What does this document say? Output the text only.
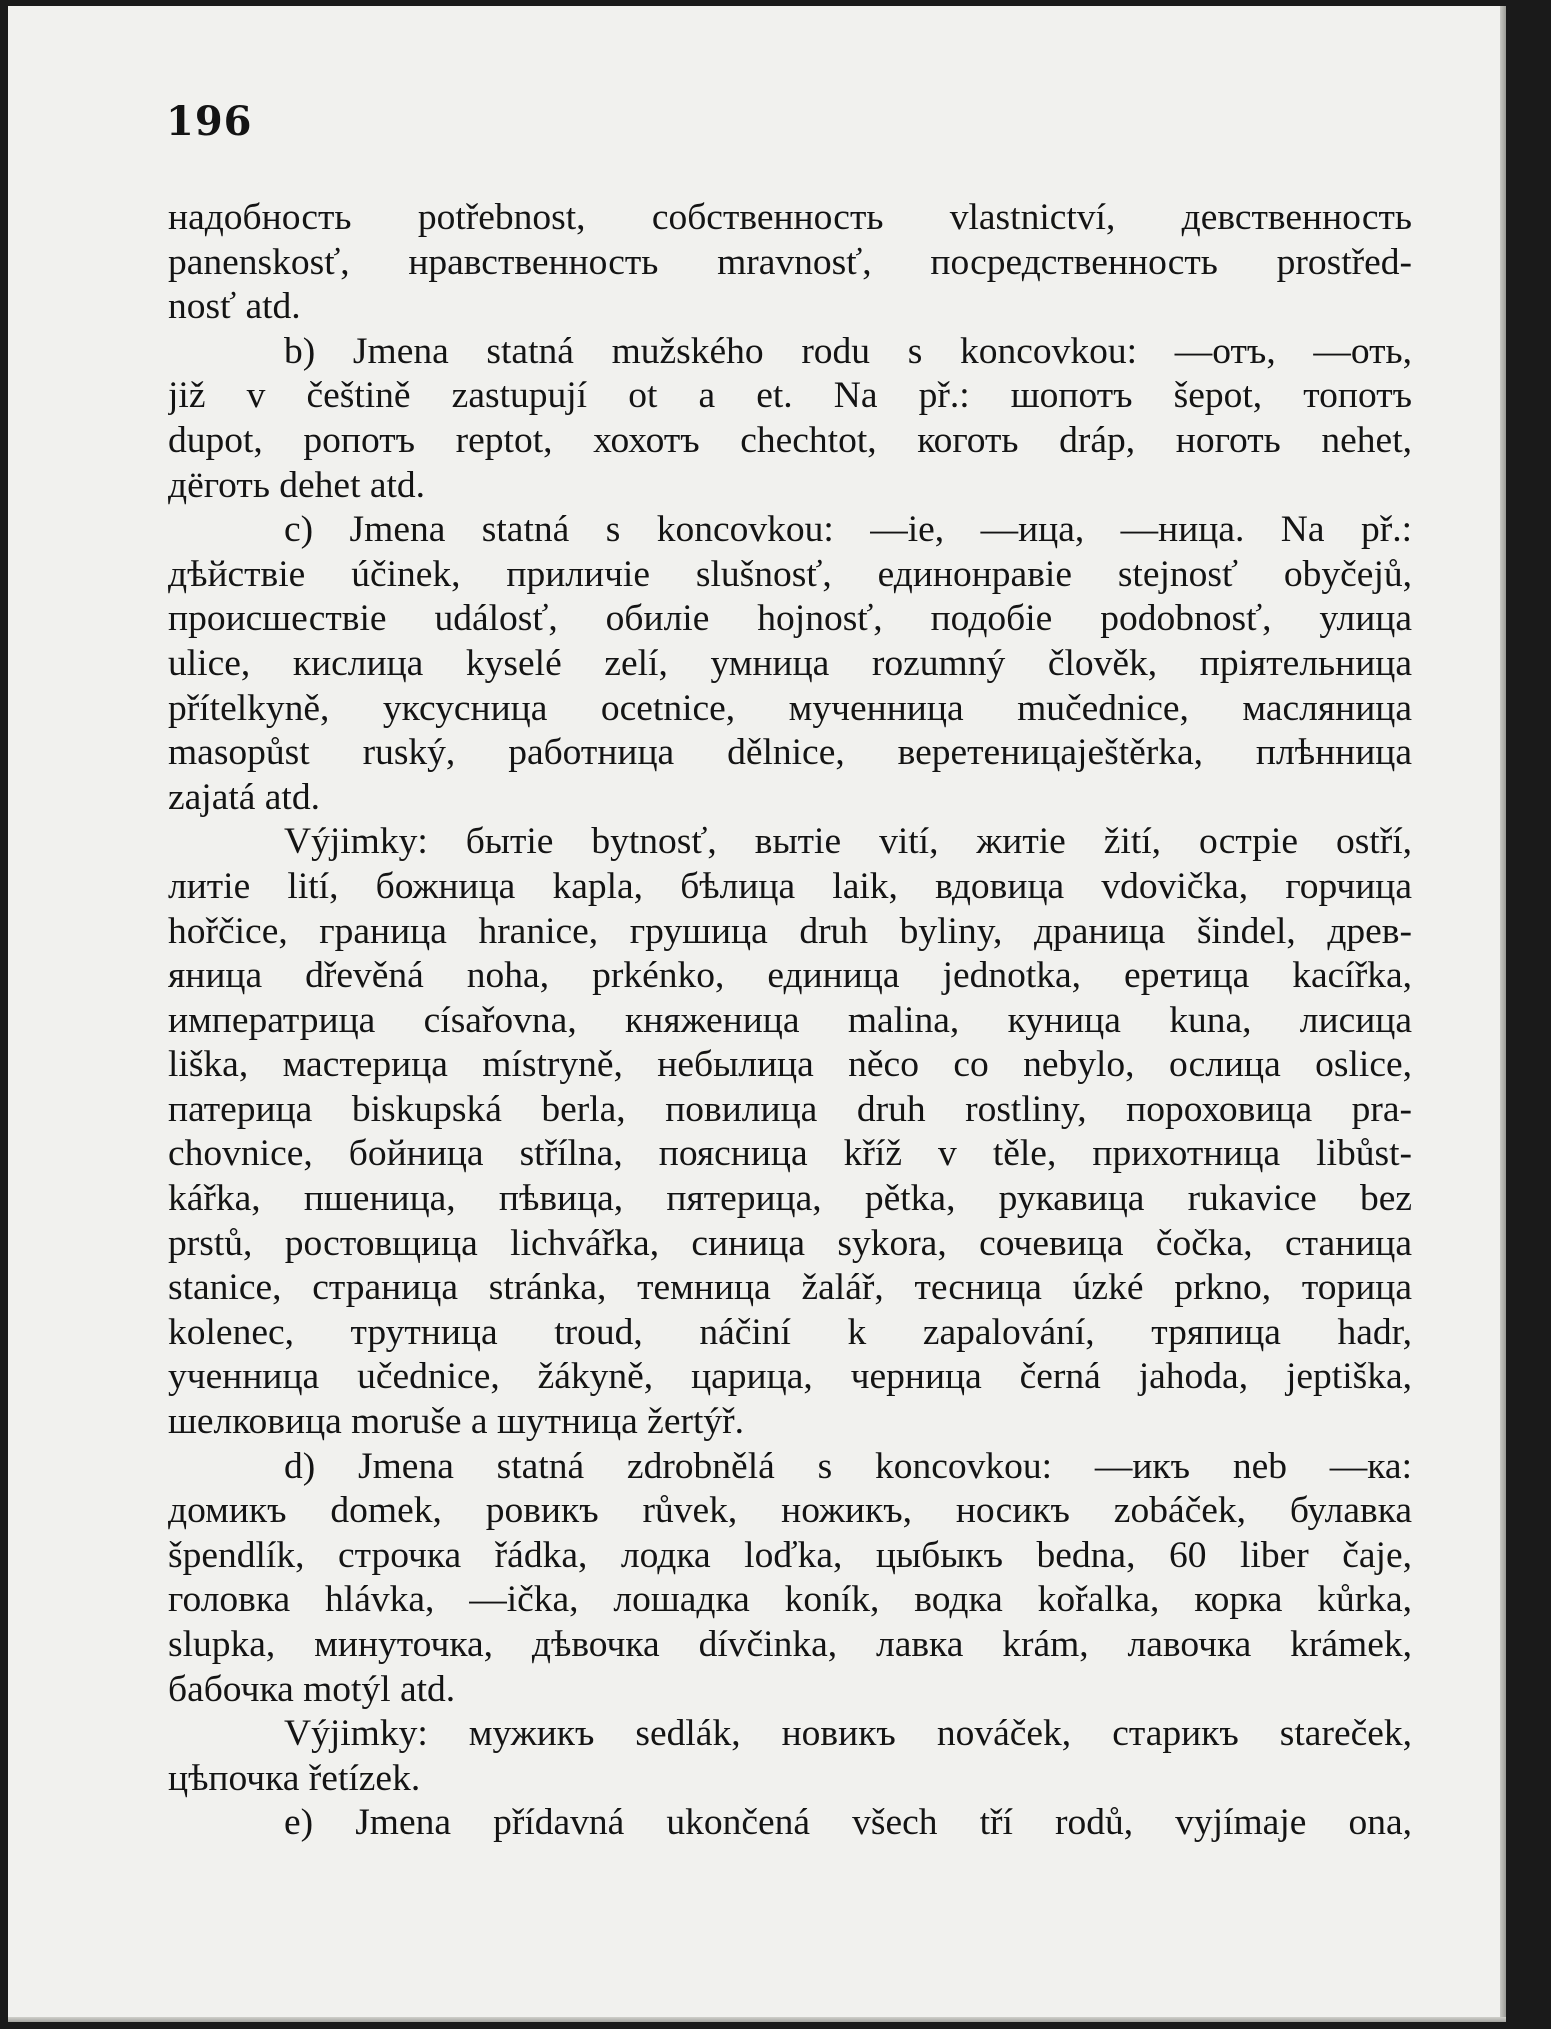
196
надобность potřebnost, собственность vlastnictví, девственность
panenskosť, нравственность mravnosť, посредственность prostřed-
nosť atd.
b) Jmena statná mužského rodu s koncovkou: —отъ, —оть,
již v češtině zastupují ot a et. Na př.: шопотъ šepot, топотъ
dupot, ропотъ reptot, хохотъ chechtot, коготь dráp, ноготь nehet,
дёготь dehet atd.
c) Jmena statná s koncovkou: —ie, —ица, —ница. Na př.:
дѣйствіе účinek, приличіе slušnosť, единонравіе stejnosť obyčejů,
происшествіе událosť, обиліе hojnosť, подобіе podobnosť, улица
ulice, кислица kyselé zelí, умница rozumný člověk, пріятельница
přítelkyně, уксусница ocetnice, мученница mučednice, масляница
masopůst ruský, работница dělnice, веретеницаještěrka, плѣнница
zajatá atd.
Výjimky: бытіе bytnosť, вытіе vití, житіе žití, остріе ostří,
литіе lití, божница kapla, бѣлица laik, вдовица vdovička, горчица
hořčice, граница hranice, грушица druh byliny, драница šindel, древ-
яница dřevěná noha, prkénko, единица jednotka, еретица kacířka,
императрица císařovna, княженица malina, куница kuna, лисица
liška, мастерица místryně, небылица něco co nebylo, ослица oslice,
патерица biskupská berla, повилица druh rostliny, пороховица pra-
chovnice, бойница střílna, поясница kříž v těle, прихотница libůst-
kářka, пшеница, пѣвица, пятерица, pětka, рукавица rukavice bez
prstů, ростовщица lichvářka, синица sykora, сочевица čočka, станица
stanice, страница stránka, темница žalář, тесница úzké prkno, торица
kolenec, трутница troud, náčiní k zapalování, тряпица hadr,
ученница učednice, žákyně, царица, черница černá jahoda, jeptiška,
шелковица moruše a шутница žertýř.
d) Jmena statná zdrobnělá s koncovkou: —икъ neb —ка:
домикъ domek, ровикъ růvek, ножикъ, носикъ zobáček, булавка
špendlík, строчка řádka, лодка loďka, цыбыкъ bedna, 60 liber čaje,
головка hlávka, —ička, лошадка koník, водка kořalka, корка kůrka,
slupka, минуточка, дѣвочка dívčinka, лавка krám, лавочка krámek,
бабочка motýl atd.
Výjimky: мужикъ sedlák, новикъ nováček, старикъ stareček,
цѣпочка řetízek.
e) Jmena přídavná ukončená všech tří rodů, vyjímaje ona,
